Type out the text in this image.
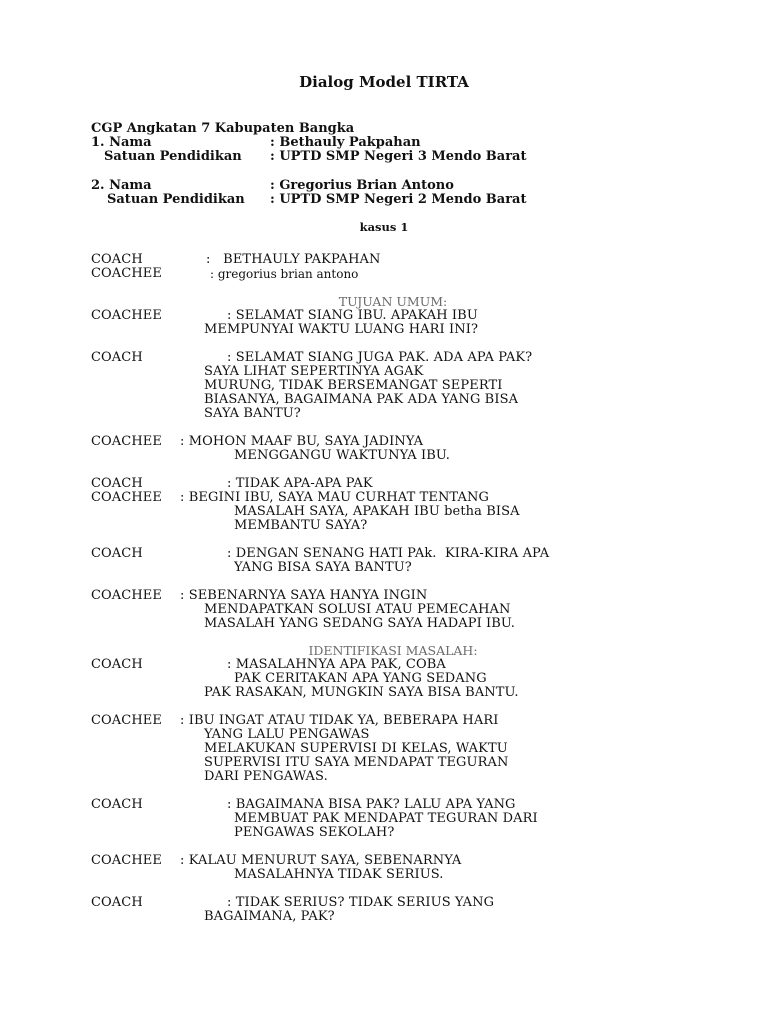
Dialog Model TIRTA
CGP Angkatan 7 Kabupaten Bangka
1. Nama	: Bethauly Pakpahan
Satuan Pendidikan : UPTD SMP Negeri 3 Mendo Barat
2. Nama	: Gregorius Brian Antono
Satuan Pendidikan : UPTD SMP Negeri 2 Mendo Barat
kasus 1
COACH	:   BETHAULY PAKPAHAN
COACHEE	: gregorius brian antono
TUJUAN UMUM:
COACHEE	: SELAMAT SIANG IBU. APAKAH IBU
MEMPUNYAI WAKTU LUANG HARI INI?
COACH	: SELAMAT SIANG JUGA PAK. ADA APA PAK?
SAYA LIHAT SEPERTINYA AGAK
MURUNG, TIDAK BERSEMANGAT SEPERTI
BIASANYA, BAGAIMANA PAK ADA YANG BISA
SAYA BANTU?
COACHEE : MOHON MAAF BU, SAYA JADINYA
MENGGANGU WAKTUNYA IBU.
COACH	: TIDAK APA-APA PAK
COACHEE : BEGINI IBU, SAYA MAU CURHAT TENTANG
MASALAH SAYA, APAKAH IBU betha BISA
MEMBANTU SAYA?
COACH	: DENGAN SENANG HATI PAk.  KIRA-KIRA APA
YANG BISA SAYA BANTU?
COACHEE : SEBENARNYA SAYA HANYA INGIN
MENDAPATKAN SOLUSI ATAU PEMECAHAN
MASALAH YANG SEDANG SAYA HADAPI IBU.
IDENTIFIKASI MASALAH:
COACH	: MASALAHNYA APA PAK, COBA
PAK CERITAKAN APA YANG SEDANG
PAK RASAKAN, MUNGKIN SAYA BISA BANTU.
COACHEE : IBU INGAT ATAU TIDAK YA, BEBERAPA HARI
YANG LALU PENGAWAS
MELAKUKAN SUPERVISI DI KELAS, WAKTU
SUPERVISI ITU SAYA MENDAPAT TEGURAN
DARI PENGAWAS.
COACH	: BAGAIMANA BISA PAK? LALU APA YANG
MEMBUAT PAK MENDAPAT TEGURAN DARI
PENGAWAS SEKOLAH?
COACHEE : KALAU MENURUT SAYA, SEBENARNYA
MASALAHNYA TIDAK SERIUS.
COACH	: TIDAK SERIUS? TIDAK SERIUS YANG
BAGAIMANA, PAK?
